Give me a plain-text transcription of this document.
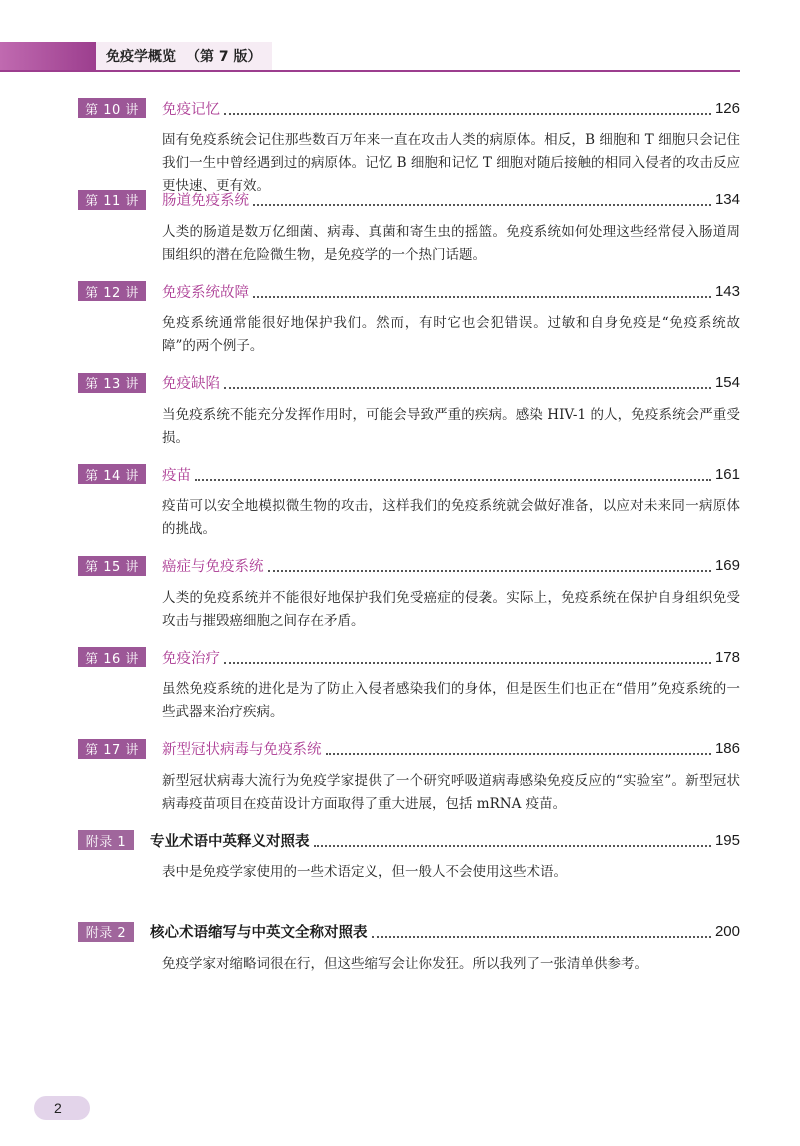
免疫学概览 （第 7 版）
第 10 讲	免疫记忆	126
固有免疫系统会记住那些数百万年来一直在攻击人类的病原体。相反，B 细胞和 T 细胞只会记住我们一生中曾经遇到过的病原体。记忆 B 细胞和记忆 T 细胞对随后接触的相同入侵者的攻击反应更快速、更有效。
第 11 讲	肠道免疫系统	134
人类的肠道是数万亿细菌、病毒、真菌和寄生虫的摇篮。免疫系统如何处理这些经常侵入肠道周围组织的潜在危险微生物，是免疫学的一个热门话题。
第 12 讲	免疫系统故障	143
免疫系统通常能很好地保护我们。然而，有时它也会犯错误。过敏和自身免疫是“免疫系统故障”的两个例子。
第 13 讲	免疫缺陷	154
当免疫系统不能充分发挥作用时，可能会导致严重的疾病。感染 HIV-1 的人，免疫系统会严重受损。
第 14 讲	疫苗	161
疫苗可以安全地模拟微生物的攻击，这样我们的免疫系统就会做好准备，以应对未来同一病原体的挑战。
第 15 讲	癌症与免疫系统	169
人类的免疫系统并不能很好地保护我们免受癌症的侵袭。实际上，免疫系统在保护自身组织免受攻击与摧毁癌细胞之间存在矛盾。
第 16 讲	免疫治疗	178
虽然免疫系统的进化是为了防止入侵者感染我们的身体，但是医生们也正在“借用”免疫系统的一些武器来治疗疾病。
第 17 讲	新型冠状病毒与免疫系统	186
新型冠状病毒大流行为免疫学家提供了一个研究呼吸道病毒感染免疫反应的“实验室”。新型冠状病毒疫苗项目在疫苗设计方面取得了重大进展，包括 mRNA 疫苗。
附录 1	专业术语中英释义对照表	195
表中是免疫学家使用的一些术语定义，但一般人不会使用这些术语。
附录 2	核心术语缩写与中英文全称对照表	200
免疫学家对缩略词很在行，但这些缩写会让你发狂。所以我列了一张清单供参考。
2
